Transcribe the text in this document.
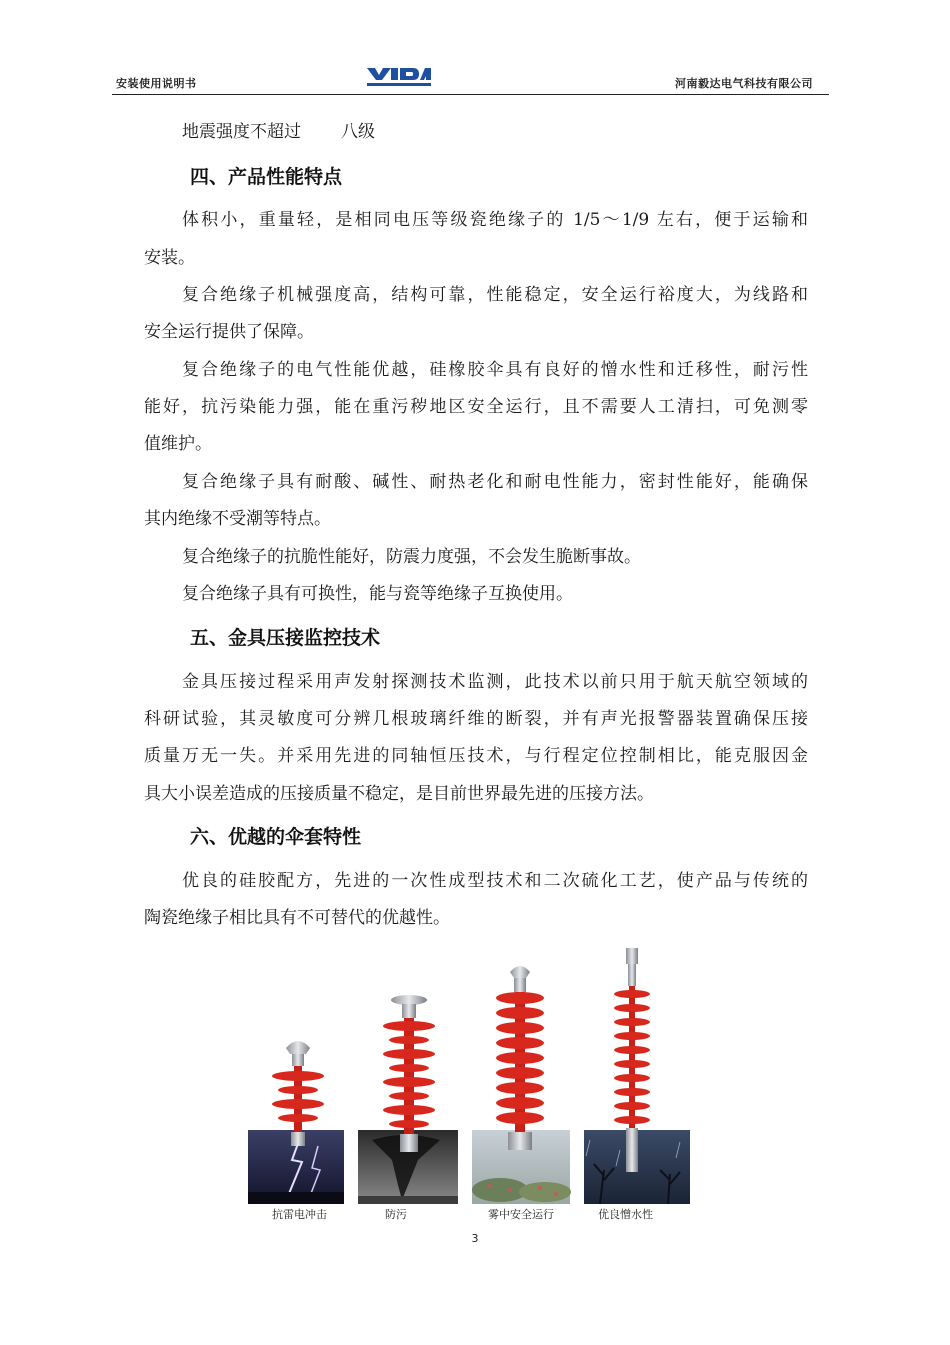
安装使用说明书	河南毅达电气科技有限公司
地震强度不超过 八级
四、产品性能特点
体积小，重量轻，是相同电压等级瓷绝缘子的 1/5～1/9 左右，便于运输和
安装。
复合绝缘子机械强度高，结构可靠，性能稳定，安全运行裕度大，为线路和
安全运行提供了保障。
复合绝缘子的电气性能优越，硅橡胶伞具有良好的憎水性和迁移性，耐污性
能好，抗污染能力强，能在重污秽地区安全运行，且不需要人工清扫，可免测零
值维护。
复合绝缘子具有耐酸、碱性、耐热老化和耐电性能力，密封性能好，能确保
其内绝缘不受潮等特点。
复合绝缘子的抗脆性能好，防震力度强，不会发生脆断事故。
复合绝缘子具有可换性，能与瓷等绝缘子互换使用。
五、金具压接监控技术
金具压接过程采用声发射探测技术监测，此技术以前只用于航天航空领域的
科研试验，其灵敏度可分辨几根玻璃纤维的断裂，并有声光报警器装置确保压接
质量万无一失。并采用先进的同轴恒压技术，与行程定位控制相比，能克服因金
具大小误差造成的压接质量不稳定，是目前世界最先进的压接方法。
六、优越的伞套特性
优良的硅胶配方，先进的一次性成型技术和二次硫化工艺，使产品与传统的
陶瓷绝缘子相比具有不可替代的优越性。
抗雷电冲击	防污	雾中安全运行	优良憎水性
3
